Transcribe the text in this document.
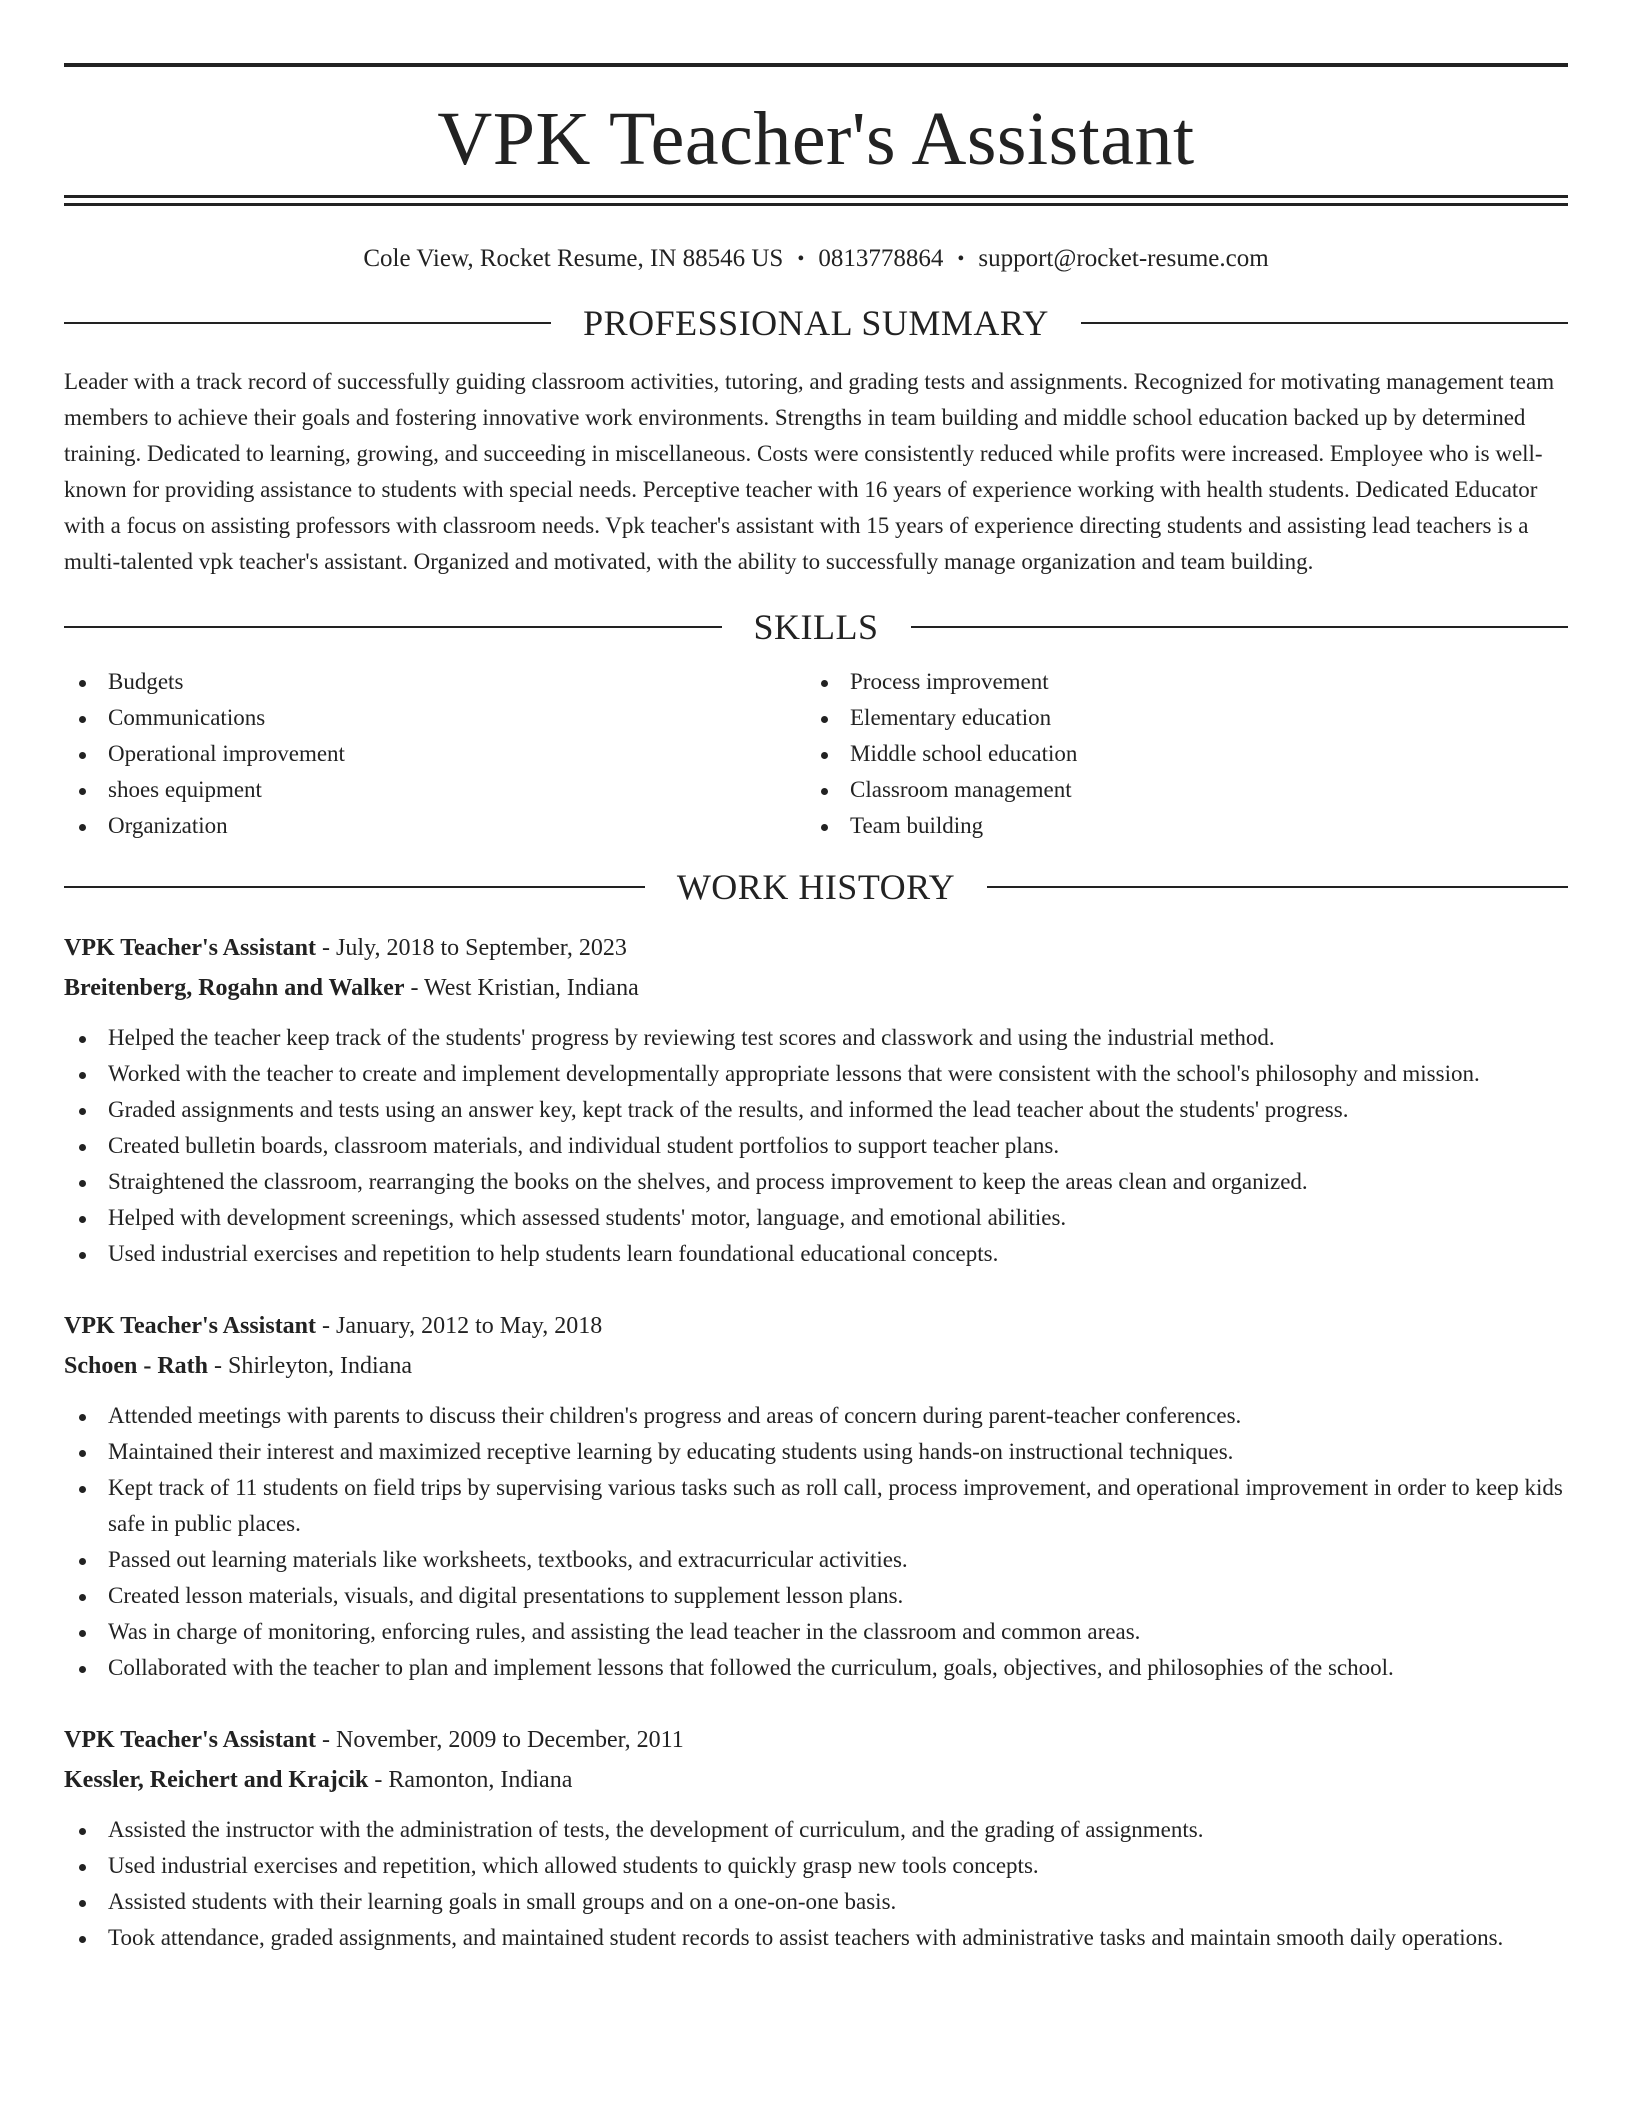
VPK Teacher's Assistant
Cole View, Rocket Resume, IN 88546 US • 0813778864 • support@rocket-resume.com
PROFESSIONAL SUMMARY

Leader with a track record of successfully guiding classroom activities, tutoring, and grading tests and assignments. Recognized for motivating management team members to achieve their goals and fostering innovative work environments. Strengths in team building and middle school education backed up by determined training. Dedicated to learning, growing, and succeeding in miscellaneous. Costs were consistently reduced while profits were increased. Employee who is well-known for providing assistance to students with special needs. Perceptive teacher with 16 years of experience working with health students. Dedicated Educator with a focus on assisting professors with classroom needs. Vpk teacher's assistant with 15 years of experience directing students and assisting lead teachers is a multi-talented vpk teacher's assistant. Organized and motivated, with the ability to successfully manage organization and team building.

SKILLS
Budgets
Communications
Operational improvement
shoes equipment
Organization
Process improvement
Elementary education
Middle school education
Classroom management
Team building
WORK HISTORY
VPK Teacher's Assistant - July, 2018 to September, 2023
Breitenberg, Rogahn and Walker - West Kristian, Indiana
Helped the teacher keep track of the students' progress by reviewing test scores and classwork and using the industrial method.
Worked with the teacher to create and implement developmentally appropriate lessons that were consistent with the school's philosophy and mission.
Graded assignments and tests using an answer key, kept track of the results, and informed the lead teacher about the students' progress.
Created bulletin boards, classroom materials, and individual student portfolios to support teacher plans.
Straightened the classroom, rearranging the books on the shelves, and process improvement to keep the areas clean and organized.
Helped with development screenings, which assessed students' motor, language, and emotional abilities.
Used industrial exercises and repetition to help students learn foundational educational concepts.
VPK Teacher's Assistant - January, 2012 to May, 2018
Schoen - Rath - Shirleyton, Indiana
Attended meetings with parents to discuss their children's progress and areas of concern during parent-teacher conferences.
Maintained their interest and maximized receptive learning by educating students using hands-on instructional techniques.
Kept track of 11 students on field trips by supervising various tasks such as roll call, process improvement, and operational improvement in order to keep kids safe in public places.
Passed out learning materials like worksheets, textbooks, and extracurricular activities.
Created lesson materials, visuals, and digital presentations to supplement lesson plans.
Was in charge of monitoring, enforcing rules, and assisting the lead teacher in the classroom and common areas.
Collaborated with the teacher to plan and implement lessons that followed the curriculum, goals, objectives, and philosophies of the school.
VPK Teacher's Assistant - November, 2009 to December, 2011
Kessler, Reichert and Krajcik - Ramonton, Indiana
Assisted the instructor with the administration of tests, the development of curriculum, and the grading of assignments.
Used industrial exercises and repetition, which allowed students to quickly grasp new tools concepts.
Assisted students with their learning goals in small groups and on a one-on-one basis.
Took attendance, graded assignments, and maintained student records to assist teachers with administrative tasks and maintain smooth daily operations.
